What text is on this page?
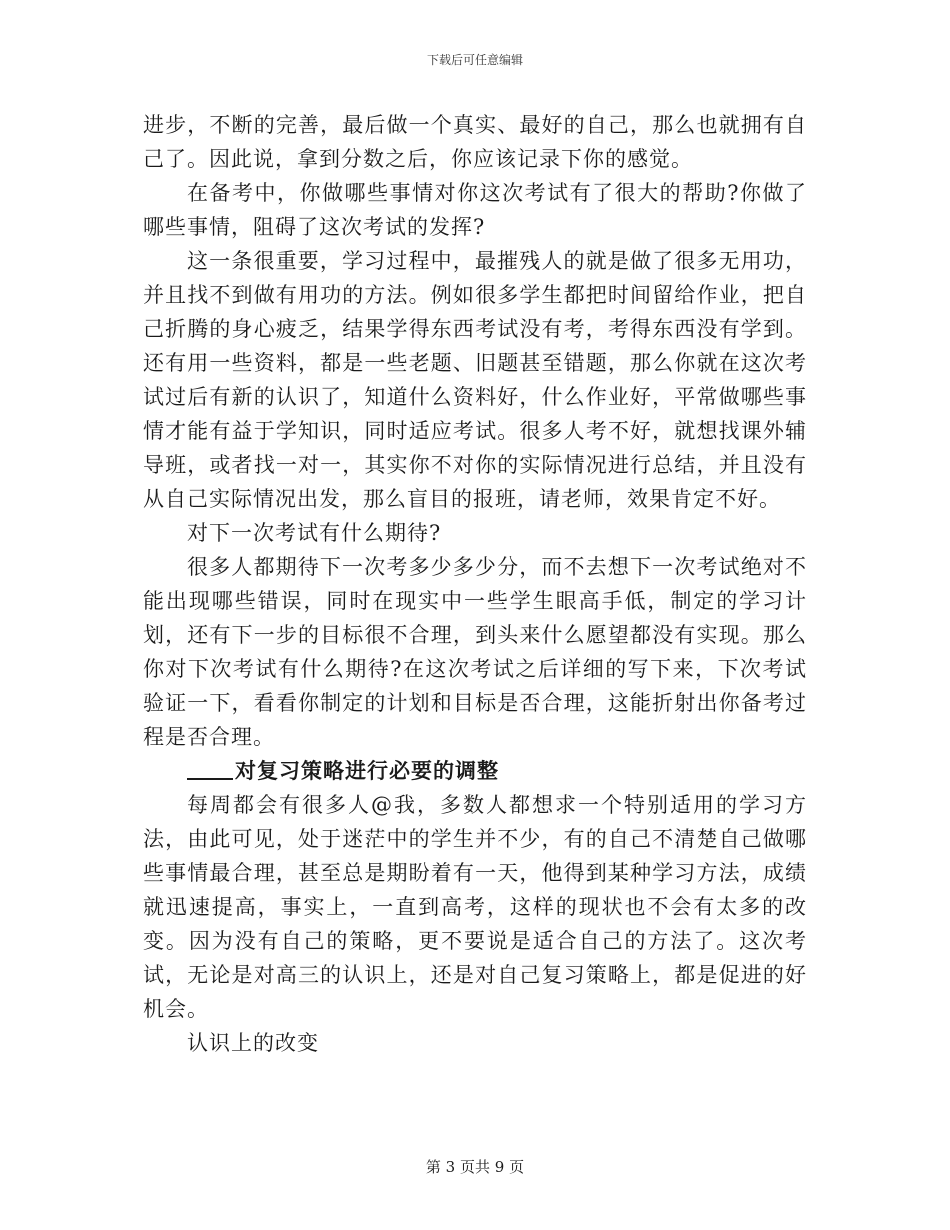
下载后可任意编辑

进步，不断的完善，最后做一个真实、最好的自己，那么也就拥有自己了。因此说，拿到分数之后，你应该记录下你的感觉。

在备考中，你做哪些事情对你这次考试有了很大的帮助?你做了哪些事情，阻碍了这次考试的发挥?

这一条很重要，学习过程中，最摧残人的就是做了很多无用功，并且找不到做有用功的方法。例如很多学生都把时间留给作业，把自己折腾的身心疲乏，结果学得东西考试没有考，考得东西没有学到。还有用一些资料，都是一些老题、旧题甚至错题，那么你就在这次考试过后有新的认识了，知道什么资料好，什么作业好，平常做哪些事情才能有益于学知识，同时适应考试。很多人考不好，就想找课外辅导班，或者找一对一，其实你不对你的实际情况进行总结，并且没有从自己实际情况出发，那么盲目的报班，请老师，效果肯定不好。

对下一次考试有什么期待?

很多人都期待下一次考多少多少分，而不去想下一次考试绝对不能出现哪些错误，同时在现实中一些学生眼高手低，制定的学习计划，还有下一步的目标很不合理，到头来什么愿望都没有实现。那么你对下次考试有什么期待?在这次考试之后详细的写下来，下次考试验证一下，看看你制定的计划和目标是否合理，这能折射出你备考过程是否合理。

对复习策略进行必要的调整

每周都会有很多人@我，多数人都想求一个特别适用的学习方法，由此可见，处于迷茫中的学生并不少，有的自己不清楚自己做哪些事情最合理，甚至总是期盼着有一天，他得到某种学习方法，成绩就迅速提高，事实上，一直到高考，这样的现状也不会有太多的改变。因为没有自己的策略，更不要说是适合自己的方法了。这次考试，无论是对高三的认识上，还是对自己复习策略上，都是促进的好机会。

认识上的改变

第 3 页共 9 页
